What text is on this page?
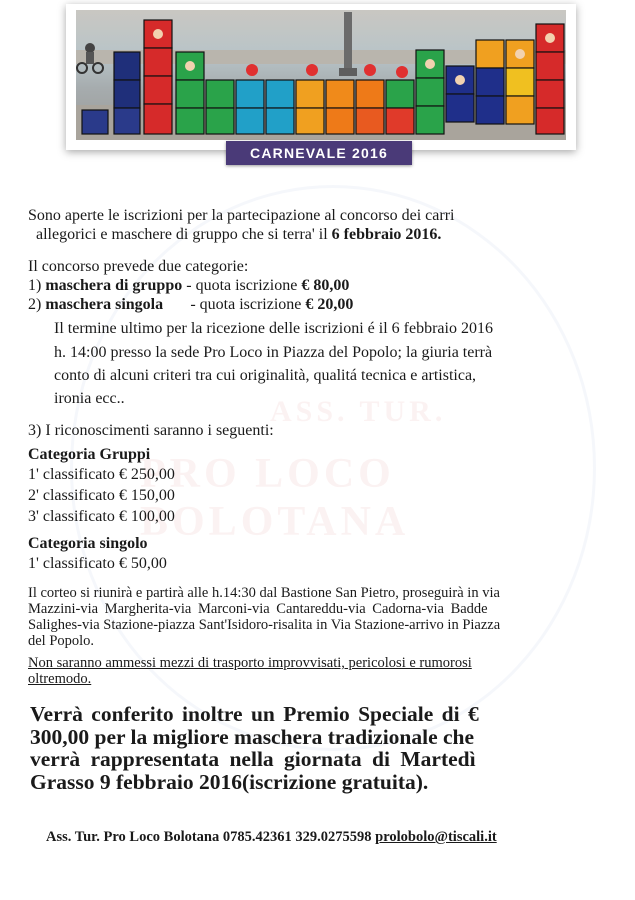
ASS. TUR.
PRO LOCO BOLOTANA
CARNEVALE 2016
Sono aperte le iscrizioni per la partecipazione al concorso dei carri
allegorici e maschere di gruppo che si terra' il 6 febbraio 2016.
Il concorso prevede due categorie:
1) maschera di gruppo - quota iscrizione € 80,00
2) maschera singola - quota iscrizione € 20,00
Il termine ultimo per la ricezione delle iscrizioni é il 6 febbraio 2016
h. 14:00 presso la sede Pro Loco in Piazza del Popolo; la giuria terrà
conto di alcuni criteri tra cui originalità, qualitá tecnica e artistica,
ironia ecc..
3) I riconoscimenti saranno i seguenti:
Categoria Gruppi
1' classificato € 250,00
2' classificato € 150,00
3' classificato € 100,00
Categoria singolo
1' classificato € 50,00
Il corteo si riunirà e partirà alle h.14:30 dal Bastione San Pietro, proseguirà in via
Mazzini-via Margherita-via Marconi-via Cantareddu-via Cadorna-via Badde
Salighes-via Stazione-piazza Sant'Isidoro-risalita in Via Stazione-arrivo in Piazza
del Popolo.
Non saranno ammessi mezzi di trasporto improvvisati, pericolosi e rumorosi
oltremodo.
Verrà conferito inoltre un Premio Speciale di €
300,00 per la migliore maschera tradizionale che
verrà rappresentata nella giornata di Martedì
Grasso 9 febbraio 2016(iscrizione gratuita).
Ass. Tur. Pro Loco Bolotana 0785.42361 329.0275598 prolobolo@tiscali.it
